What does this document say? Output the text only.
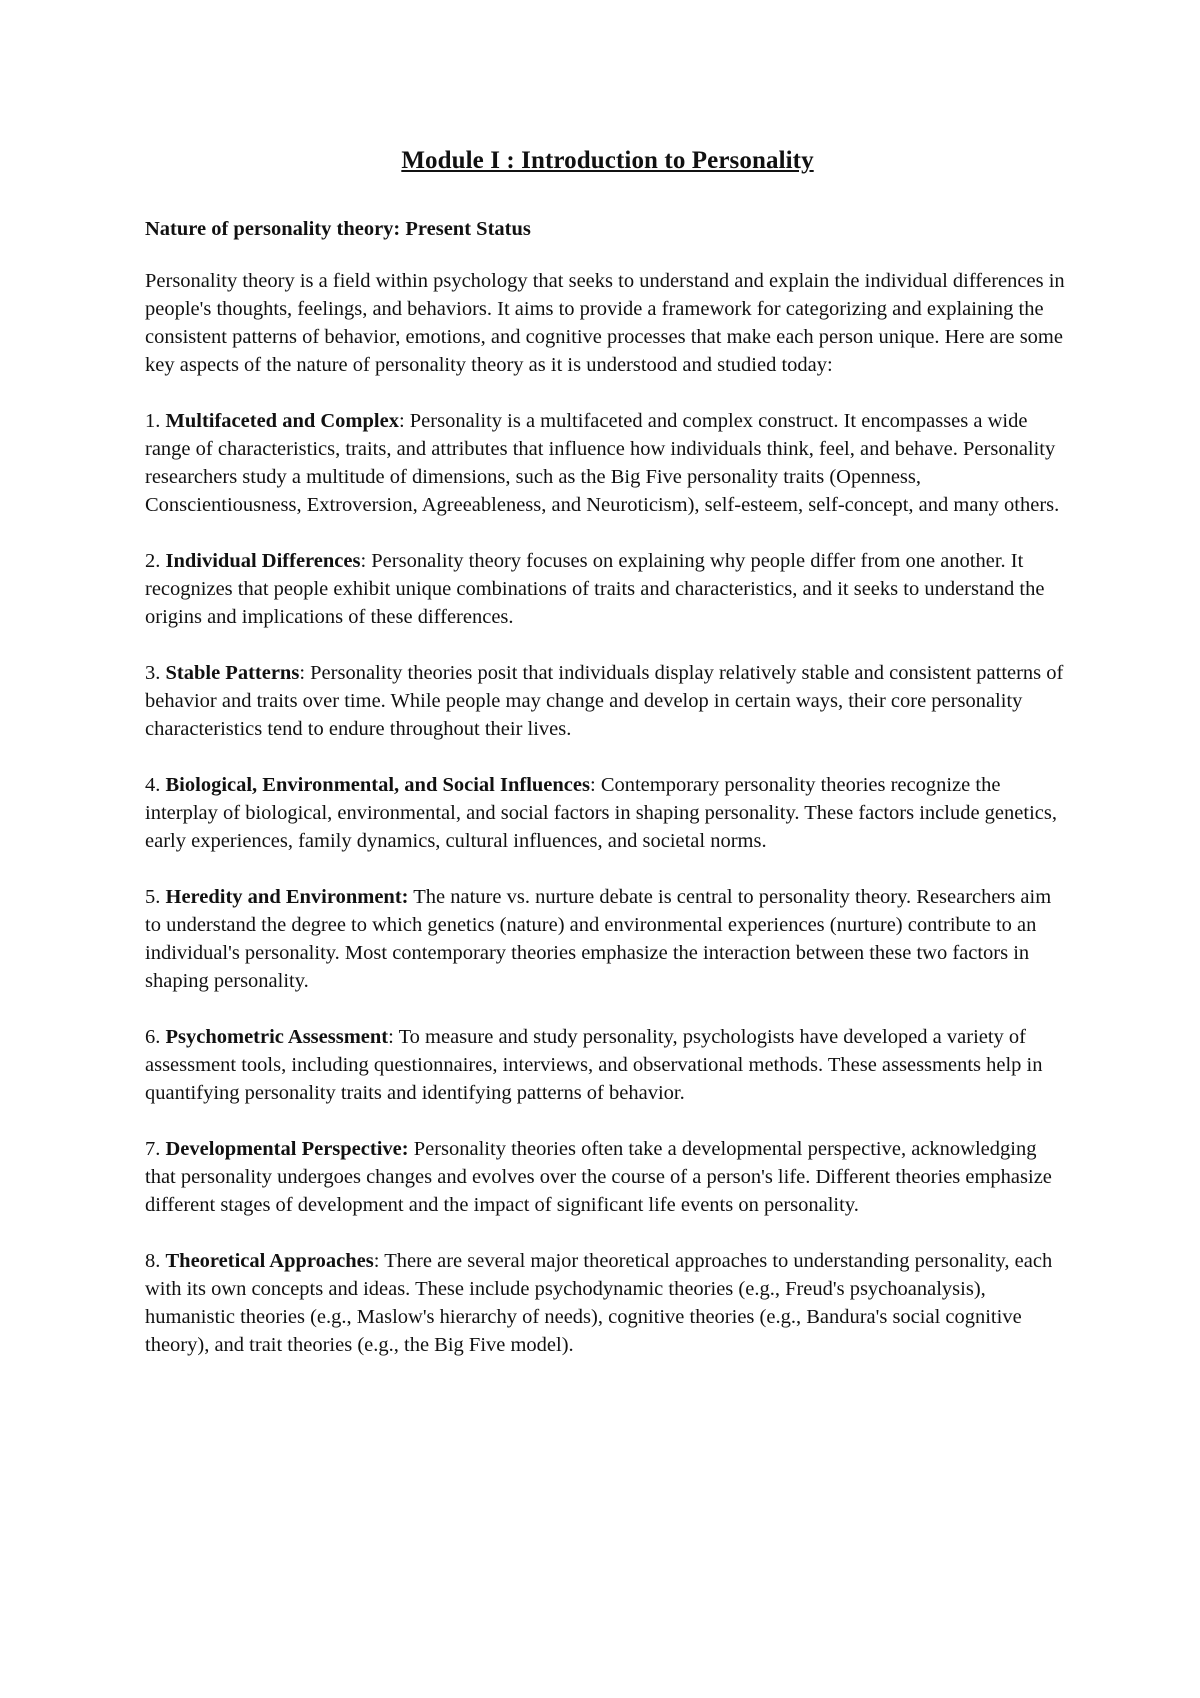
Module I : Introduction to Personality
Nature of personality theory: Present Status

Personality theory is a field within psychology that seeks to understand and explain the individual differences in people's thoughts, feelings, and behaviors. It aims to provide a framework for categorizing and explaining the consistent patterns of behavior, emotions, and cognitive processes that make each person unique. Here are some key aspects of the nature of personality theory as it is understood and studied today:

1. Multifaceted and Complex: Personality is a multifaceted and complex construct. It encompasses a wide range of characteristics, traits, and attributes that influence how individuals think, feel, and behave. Personality researchers study a multitude of dimensions, such as the Big Five personality traits (Openness, Conscientiousness, Extroversion, Agreeableness, and Neuroticism), self-esteem, self-concept, and many others.

2. Individual Differences: Personality theory focuses on explaining why people differ from one another. It recognizes that people exhibit unique combinations of traits and characteristics, and it seeks to understand the origins and implications of these differences.

3. Stable Patterns: Personality theories posit that individuals display relatively stable and consistent patterns of behavior and traits over time. While people may change and develop in certain ways, their core personality characteristics tend to endure throughout their lives.

4. Biological, Environmental, and Social Influences: Contemporary personality theories recognize the interplay of biological, environmental, and social factors in shaping personality. These factors include genetics, early experiences, family dynamics, cultural influences, and societal norms.

5. Heredity and Environment: The nature vs. nurture debate is central to personality theory. Researchers aim to understand the degree to which genetics (nature) and environmental experiences (nurture) contribute to an individual's personality. Most contemporary theories emphasize the interaction between these two factors in shaping personality.

6. Psychometric Assessment: To measure and study personality, psychologists have developed a variety of assessment tools, including questionnaires, interviews, and observational methods. These assessments help in quantifying personality traits and identifying patterns of behavior.

7. Developmental Perspective: Personality theories often take a developmental perspective, acknowledging that personality undergoes changes and evolves over the course of a person's life. Different theories emphasize different stages of development and the impact of significant life events on personality.

8. Theoretical Approaches: There are several major theoretical approaches to understanding personality, each with its own concepts and ideas. These include psychodynamic theories (e.g., Freud's psychoanalysis), humanistic theories (e.g., Maslow's hierarchy of needs), cognitive theories (e.g., Bandura's social cognitive theory), and trait theories (e.g., the Big Five model).
